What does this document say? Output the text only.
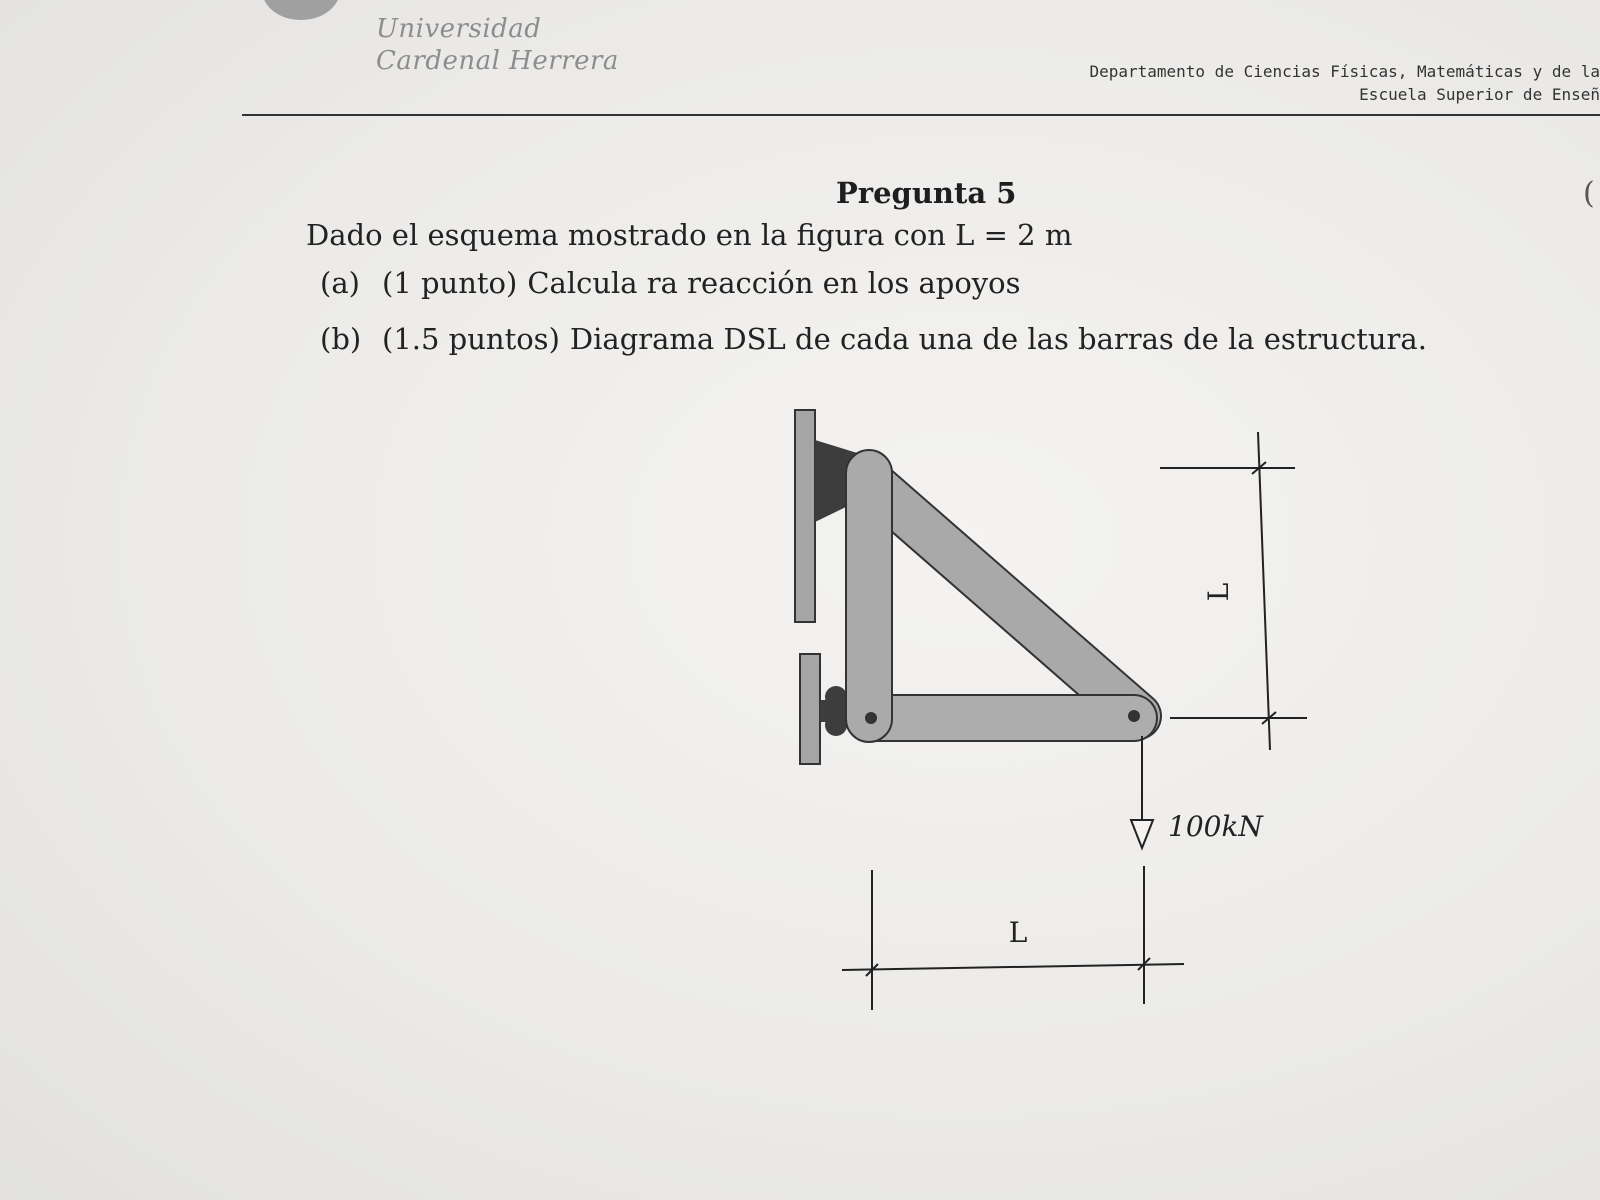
Universidad
Cardenal Herrera	Departamento de Ciencias Físicas, Matemáticas y de la
Escuela Superior de Enseñ
(
Pregunta 5
Dado el esquema mostrado en la figura con L = 2 m
(a) (1 punto) Calcula ra reacción en los apoyos
(b) (1.5 puntos) Diagrama DSL de cada una de las barras de la estructura.
100kN
L
L
